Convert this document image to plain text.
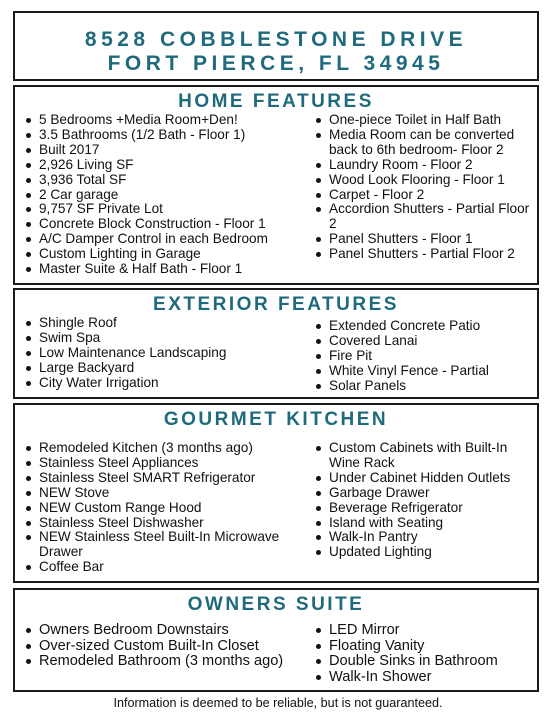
8528 COBBLESTONE DRIVE
FORT PIERCE, FL 34945
HOME FEATURES
5 Bedrooms +Media Room+Den!
3.5 Bathrooms (1/2 Bath - Floor 1)
Built 2017
2,926 Living SF
3,936 Total SF
2 Car garage
9,757 SF Private Lot
Concrete Block Construction - Floor 1
A/C Damper Control in each Bedroom
Custom Lighting in Garage
Master Suite & Half Bath - Floor 1
One-piece Toilet in Half Bath
Media Room can be converted back to 6th bedroom- Floor 2
Laundry Room - Floor 2
Wood Look Flooring - Floor 1
Carpet - Floor 2
Accordion Shutters - Partial Floor 2
Panel Shutters - Floor 1
Panel Shutters - Partial Floor 2
EXTERIOR FEATURES
Shingle Roof
Swim Spa
Low Maintenance Landscaping
Large Backyard
City Water Irrigation
Extended Concrete Patio
Covered Lanai
Fire Pit
White Vinyl Fence - Partial
Solar Panels
GOURMET KITCHEN
Remodeled Kitchen (3 months ago)
Stainless Steel Appliances
Stainless Steel SMART Refrigerator
NEW Stove
NEW Custom Range Hood
Stainless Steel Dishwasher
NEW Stainless Steel Built-In Microwave Drawer
Coffee Bar
Custom Cabinets with Built-In Wine Rack
Under Cabinet Hidden Outlets
Garbage Drawer
Beverage Refrigerator
Island with Seating
Walk-In Pantry
Updated Lighting
OWNERS SUITE
Owners Bedroom Downstairs
Over-sized Custom Built-In Closet
Remodeled Bathroom (3 months ago)
LED Mirror
Floating Vanity
Double Sinks in Bathroom
Walk-In Shower
Information is deemed to be reliable, but is not guaranteed.
